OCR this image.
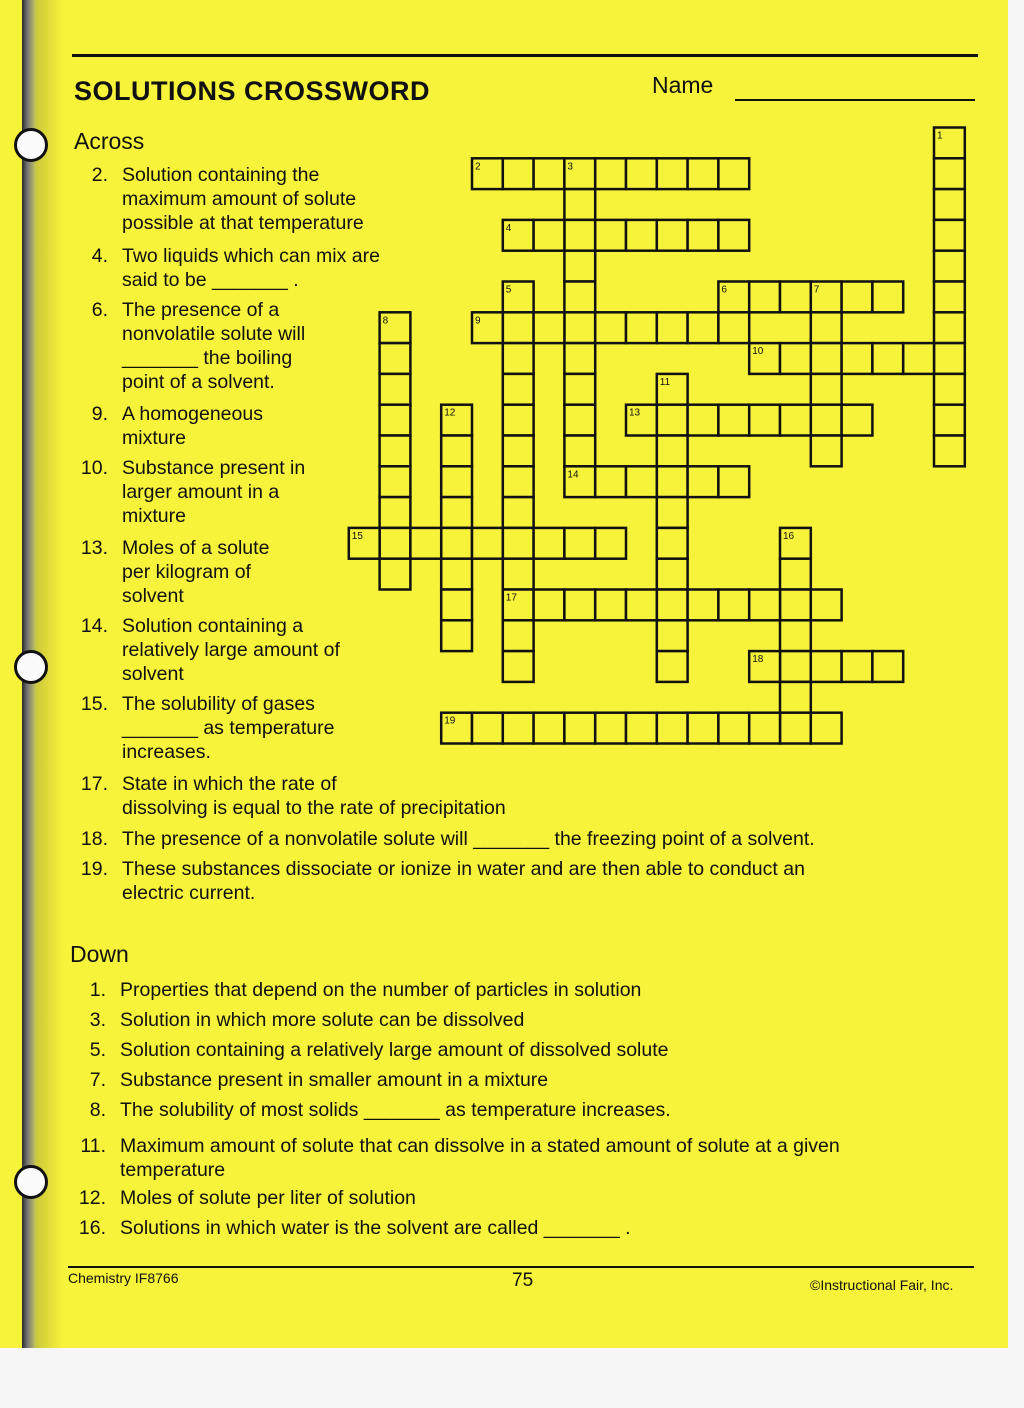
SOLUTIONS CROSSWORD	Name
1
2	3
4
5	6	7
8	9
10
11
12	13
14
15	16
17
18
19
Across
2. Solution containing the
maximum amount of solute
possible at that temperature
4. Two liquids which can mix are
said to be _______ .
6. The presence of a
nonvolatile solute will
_______ the boiling
point of a solvent.
9. A homogeneous
mixture
10. Substance present in
larger amount in a
mixture
13. Moles of a solute
per kilogram of
solvent
14. Solution containing a
relatively large amount of
solvent
15. The solubility of gases
_______ as temperature
increases.
17. State in which the rate of
dissolving is equal to the rate of precipitation
18. The presence of a nonvolatile solute will _______ the freezing point of a solvent.
19. These substances dissociate or ionize in water and are then able to conduct an
electric current.
Down
1. Properties that depend on the number of particles in solution
3. Solution in which more solute can be dissolved
5. Solution containing a relatively large amount of dissolved solute
7. Substance present in smaller amount in a mixture
8. The solubility of most solids _______ as temperature increases.
11. Maximum amount of solute that can dissolve in a stated amount of solute at a given
temperature
12. Moles of solute per liter of solution
16. Solutions in which water is the solvent are called _______ .
Chemistry IF8766	75	©Instructional Fair, Inc.
